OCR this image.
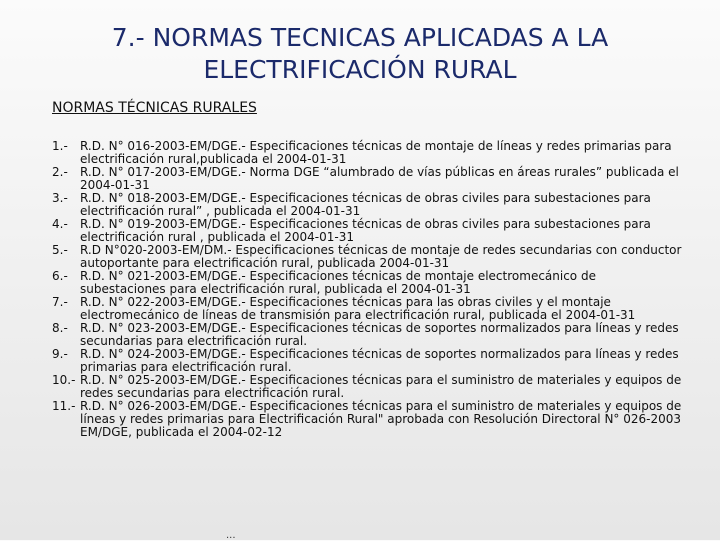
7.- NORMAS TECNICAS APLICADAS A LA
ELECTRIFICACIÓN RURAL
NORMAS TÉCNICAS RURALES
1.-	R.D. N° 016-2003-EM/DGE.- Especificaciones técnicas de montaje de líneas y redes primarias para electrificación rural,publicada el 2004-01-31
2.-	R.D. N° 017-2003-EM/DGE.- Norma DGE “alumbrado de vías públicas en áreas rurales” publicada el 2004-01-31
3.-	R.D. N° 018-2003-EM/DGE.- Especificaciones técnicas de obras civiles para subestaciones para electrificación rural” , publicada el 2004-01-31
4.-	R.D. N° 019-2003-EM/DGE.- Especificaciones técnicas de obras civiles para subestaciones para electrificación rural , publicada el 2004-01-31
5.-	R.D N°020-2003-EM/DM.- Especificaciones técnicas de montaje de redes secundarias con conductor autoportante para electrificación rural, publicada 2004-01-31
6.-	R.D. N° 021-2003-EM/DGE.- Especificaciones técnicas de montaje electromecánico de subestaciones para electrificación rural, publicada el 2004-01-31
7.-	R.D. N° 022-2003-EM/DGE.- Especificaciones técnicas para las obras civiles y el montaje electromecánico de líneas de transmisión para electrificación rural, publicada el 2004-01-31
8.-	R.D. N° 023-2003-EM/DGE.- Especificaciones técnicas de soportes normalizados para líneas y redes secundarias para electrificación rural.
9.-	R.D. N° 024-2003-EM/DGE.- Especificaciones técnicas de soportes normalizados para líneas y redes primarias para electrificación rural.
10.- R.D. N° 025-2003-EM/DGE.- Especificaciones técnicas para el suministro de materiales y equipos de redes secundarias para electrificación rural.
11.- R.D. N° 026-2003-EM/DGE.- Especificaciones técnicas para el suministro de materiales y equipos de líneas y redes primarias para Electrificación Rural" aprobada con Resolución Directoral N° 026-2003 EM/DGE, publicada el 2004-02-12
...
